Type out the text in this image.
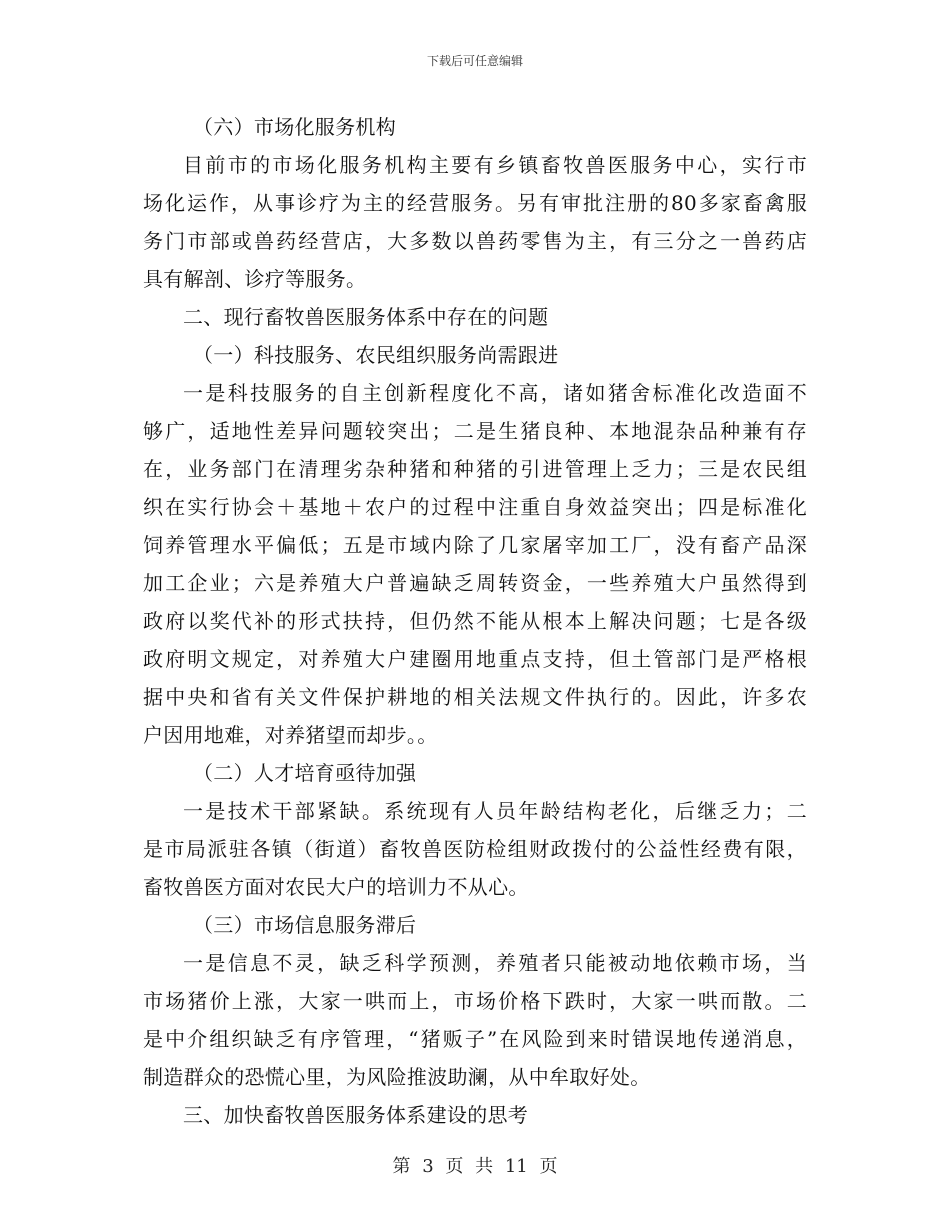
下载后可任意编辑
（六）市场化服务机构
目前市的市场化服务机构主要有乡镇畜牧兽医服务中心，实行市
场化运作，从事诊疗为主的经营服务。另有审批注册的80多家畜禽服
务门市部或兽药经营店，大多数以兽药零售为主，有三分之一兽药店
具有解剖、诊疗等服务。
二、现行畜牧兽医服务体系中存在的问题
（一）科技服务、农民组织服务尚需跟进
一是科技服务的自主创新程度化不高，诸如猪舍标准化改造面不
够广，适地性差异问题较突出；二是生猪良种、本地混杂品种兼有存
在，业务部门在清理劣杂种猪和种猪的引进管理上乏力；三是农民组
织在实行协会＋基地＋农户的过程中注重自身效益突出；四是标准化
饲养管理水平偏低；五是市域内除了几家屠宰加工厂，没有畜产品深
加工企业；六是养殖大户普遍缺乏周转资金，一些养殖大户虽然得到
政府以奖代补的形式扶持，但仍然不能从根本上解决问题；七是各级
政府明文规定，对养殖大户建圈用地重点支持，但土管部门是严格根
据中央和省有关文件保护耕地的相关法规文件执行的。因此，许多农
户因用地难，对养猪望而却步。。
（二）人才培育亟待加强
一是技术干部紧缺。系统现有人员年龄结构老化，后继乏力；二
是市局派驻各镇（街道）畜牧兽医防检组财政拨付的公益性经费有限，
畜牧兽医方面对农民大户的培训力不从心。
（三）市场信息服务滞后
一是信息不灵，缺乏科学预测，养殖者只能被动地依赖市场，当
市场猪价上涨，大家一哄而上，市场价格下跌时，大家一哄而散。二
是中介组织缺乏有序管理，“猪贩子”在风险到来时错误地传递消息，
制造群众的恐慌心里，为风险推波助澜，从中牟取好处。
三、加快畜牧兽医服务体系建设的思考
第 3 页 共 11 页
